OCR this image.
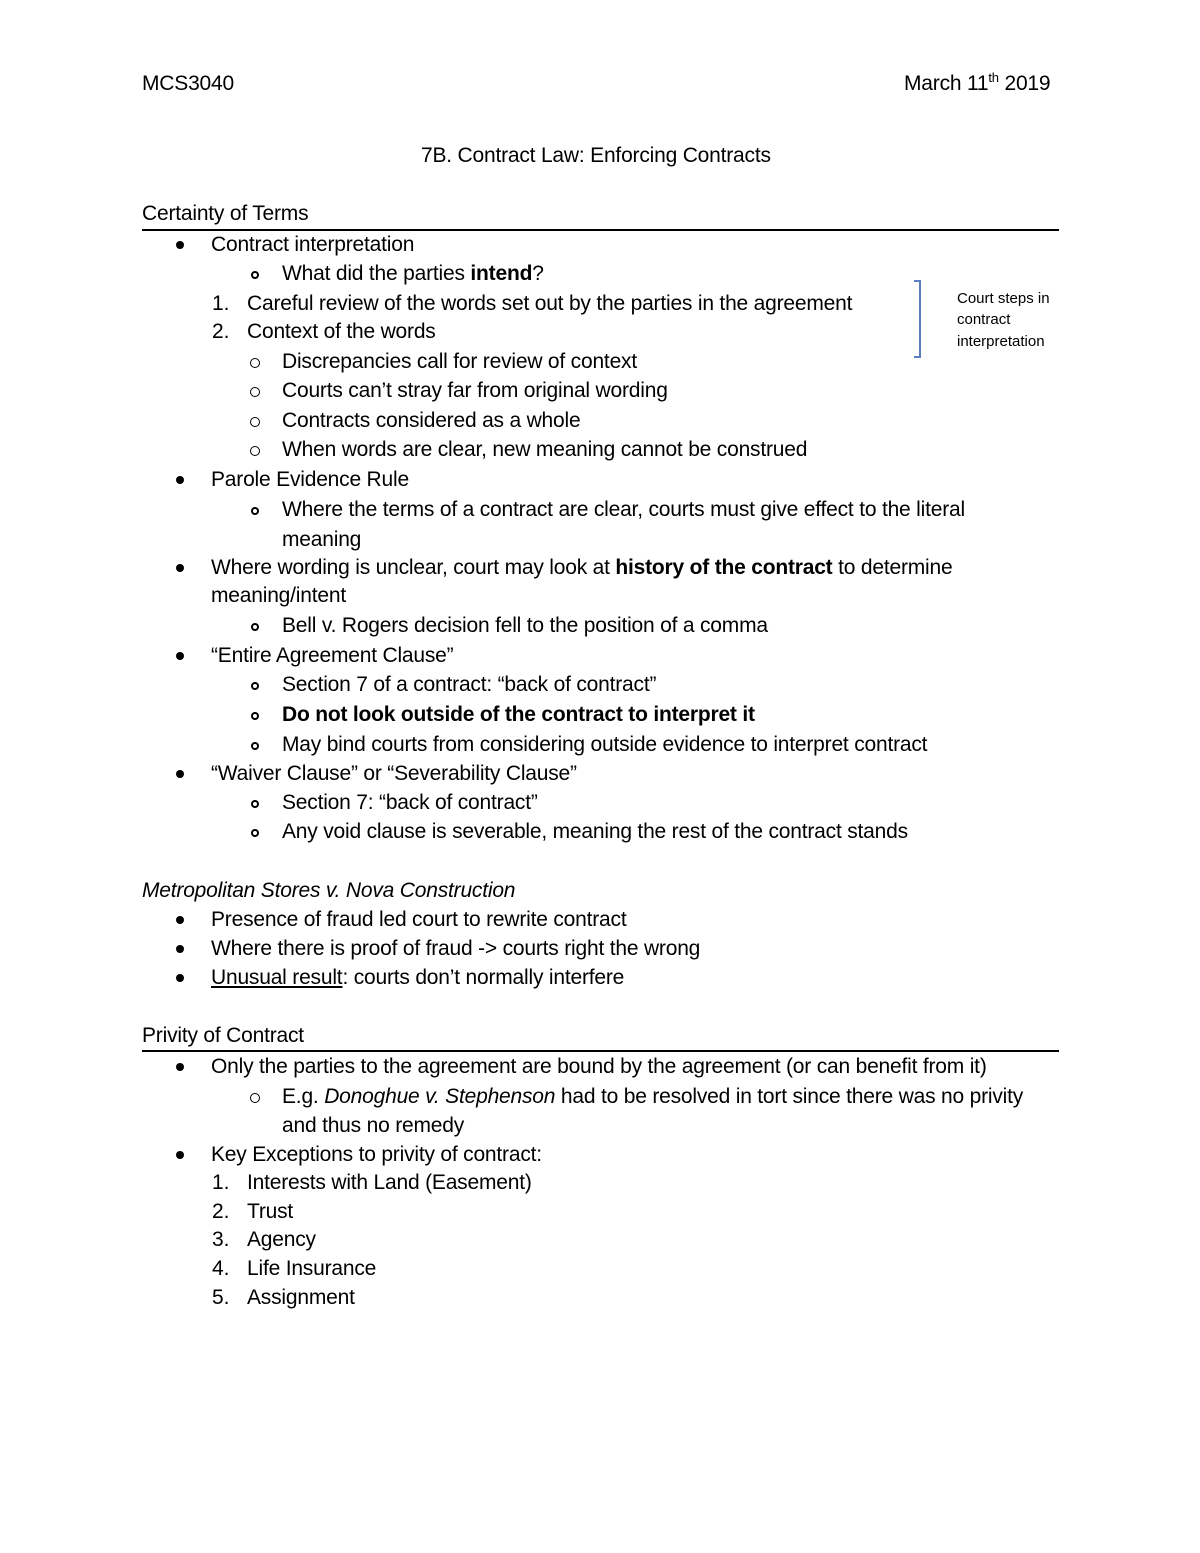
MCS3040	March 11th 2019
7B. Contract Law: Enforcing Contracts
Certainty of Terms
Contract interpretation
What did the parties intend?
1. Careful review of the words set out by the parties in the agreement
2. Context of the words
Discrepancies call for review of context
Courts can’t stray far from original wording
Contracts considered as a whole
When words are clear, new meaning cannot be construed
Parole Evidence Rule
Where the terms of a contract are clear, courts must give effect to the literal
meaning
Where wording is unclear, court may look at history of the contract to determine
meaning/intent
Bell v. Rogers decision fell to the position of a comma
“Entire Agreement Clause”
Section 7 of a contract: “back of contract”
Do not look outside of the contract to interpret it
May bind courts from considering outside evidence to interpret contract
“Waiver Clause” or “Severability Clause”
Section 7: “back of contract”
Any void clause is severable, meaning the rest of the contract stands
Court steps in
contract
interpretation
Metropolitan Stores v. Nova Construction
Presence of fraud led court to rewrite contract
Where there is proof of fraud -> courts right the wrong
Unusual result: courts don’t normally interfere
Privity of Contract
Only the parties to the agreement are bound by the agreement (or can benefit from it)
E.g. Donoghue v. Stephenson had to be resolved in tort since there was no privity
and thus no remedy
Key Exceptions to privity of contract:
1. Interests with Land (Easement)
2. Trust
3. Agency
4. Life Insurance
5. Assignment
